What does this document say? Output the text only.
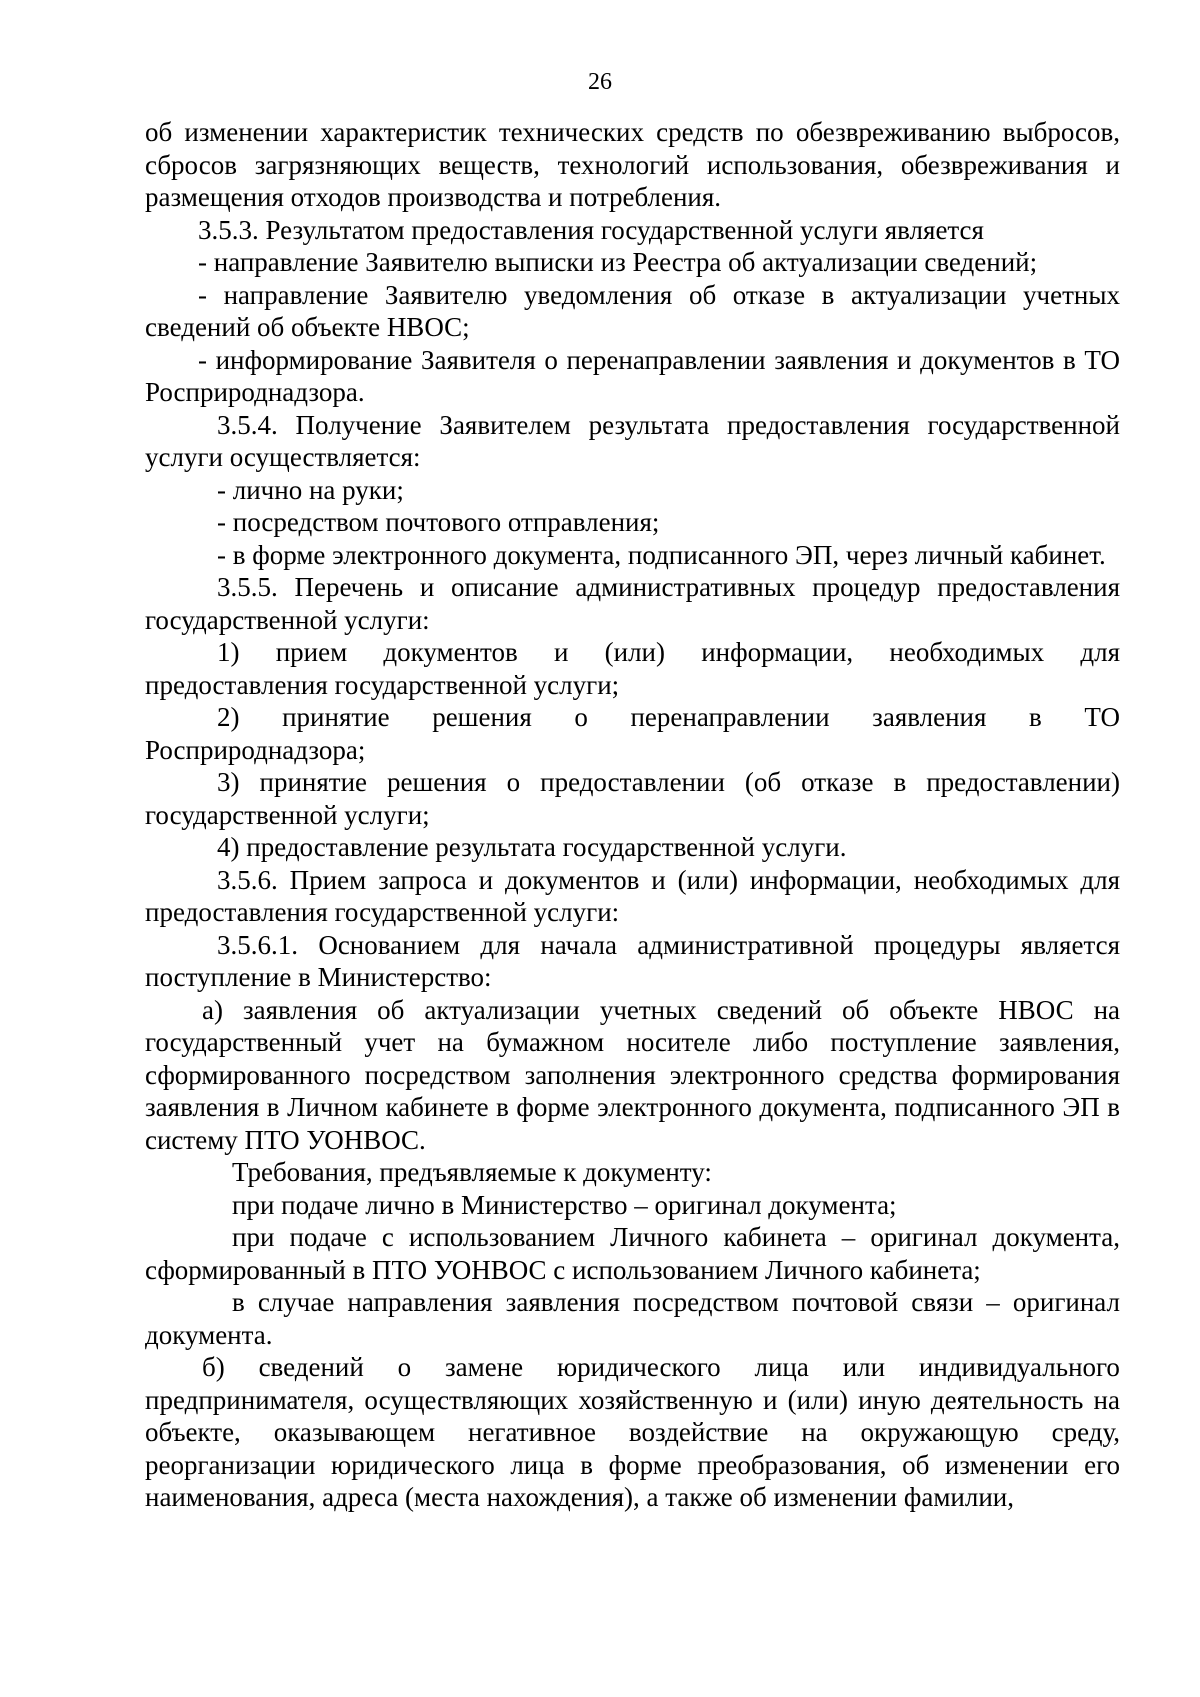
26

об изменении характеристик технических средств по обезвреживанию выбросов, сбросов загрязняющих веществ, технологий использования, обезвреживания и размещения отходов производства и потребления.

3.5.3. Результатом предоставления государственной услуги является

- направление Заявителю выписки из Реестра об актуализации сведений;

- направление Заявителю уведомления об отказе в актуализации учетных сведений об объекте НВОС;

- информирование Заявителя о перенаправлении заявления и документов в ТО Росприроднадзора.

3.5.4. Получение Заявителем результата предоставления государственной услуги осуществляется:

- лично на руки;

- посредством почтового отправления;

- в форме электронного документа, подписанного ЭП, через личный кабинет.

3.5.5. Перечень и описание административных процедур предоставления государственной услуги:

1) прием документов и (или) информации, необходимых для

предоставления государственной услуги;

2) принятие решения о перенаправлении заявления в ТО

Росприроднадзора;

3) принятие решения о предоставлении (об отказе в предоставлении) государственной услуги;

4) предоставление результата государственной услуги.

3.5.6. Прием запроса и документов и (или) информации, необходимых для предоставления государственной услуги:

3.5.6.1. Основанием для начала административной процедуры является поступление в Министерство:

а) заявления об актуализации учетных сведений об объекте НВОС на государственный учет на бумажном носителе либо поступление заявления, сформированного посредством заполнения электронного средства формирования заявления в Личном кабинете в форме электронного документа, подписанного ЭП в систему ПТО УОНВОС.

Требования, предъявляемые к документу:

при подаче лично в Министерство – оригинал документа;

при подаче с использованием Личного кабинета – оригинал документа, сформированный в ПТО УОНВОС с использованием Личного кабинета;

в случае направления заявления посредством почтовой связи – оригинал документа.

б) сведений о замене юридического лица или индивидуального

предпринимателя, осуществляющих хозяйственную и (или) иную деятельность на объекте, оказывающем негативное воздействие на окружающую среду, реорганизации юридического лица в форме преобразования, об изменении его наименования, адреса (места нахождения), а также об изменении фамилии,
